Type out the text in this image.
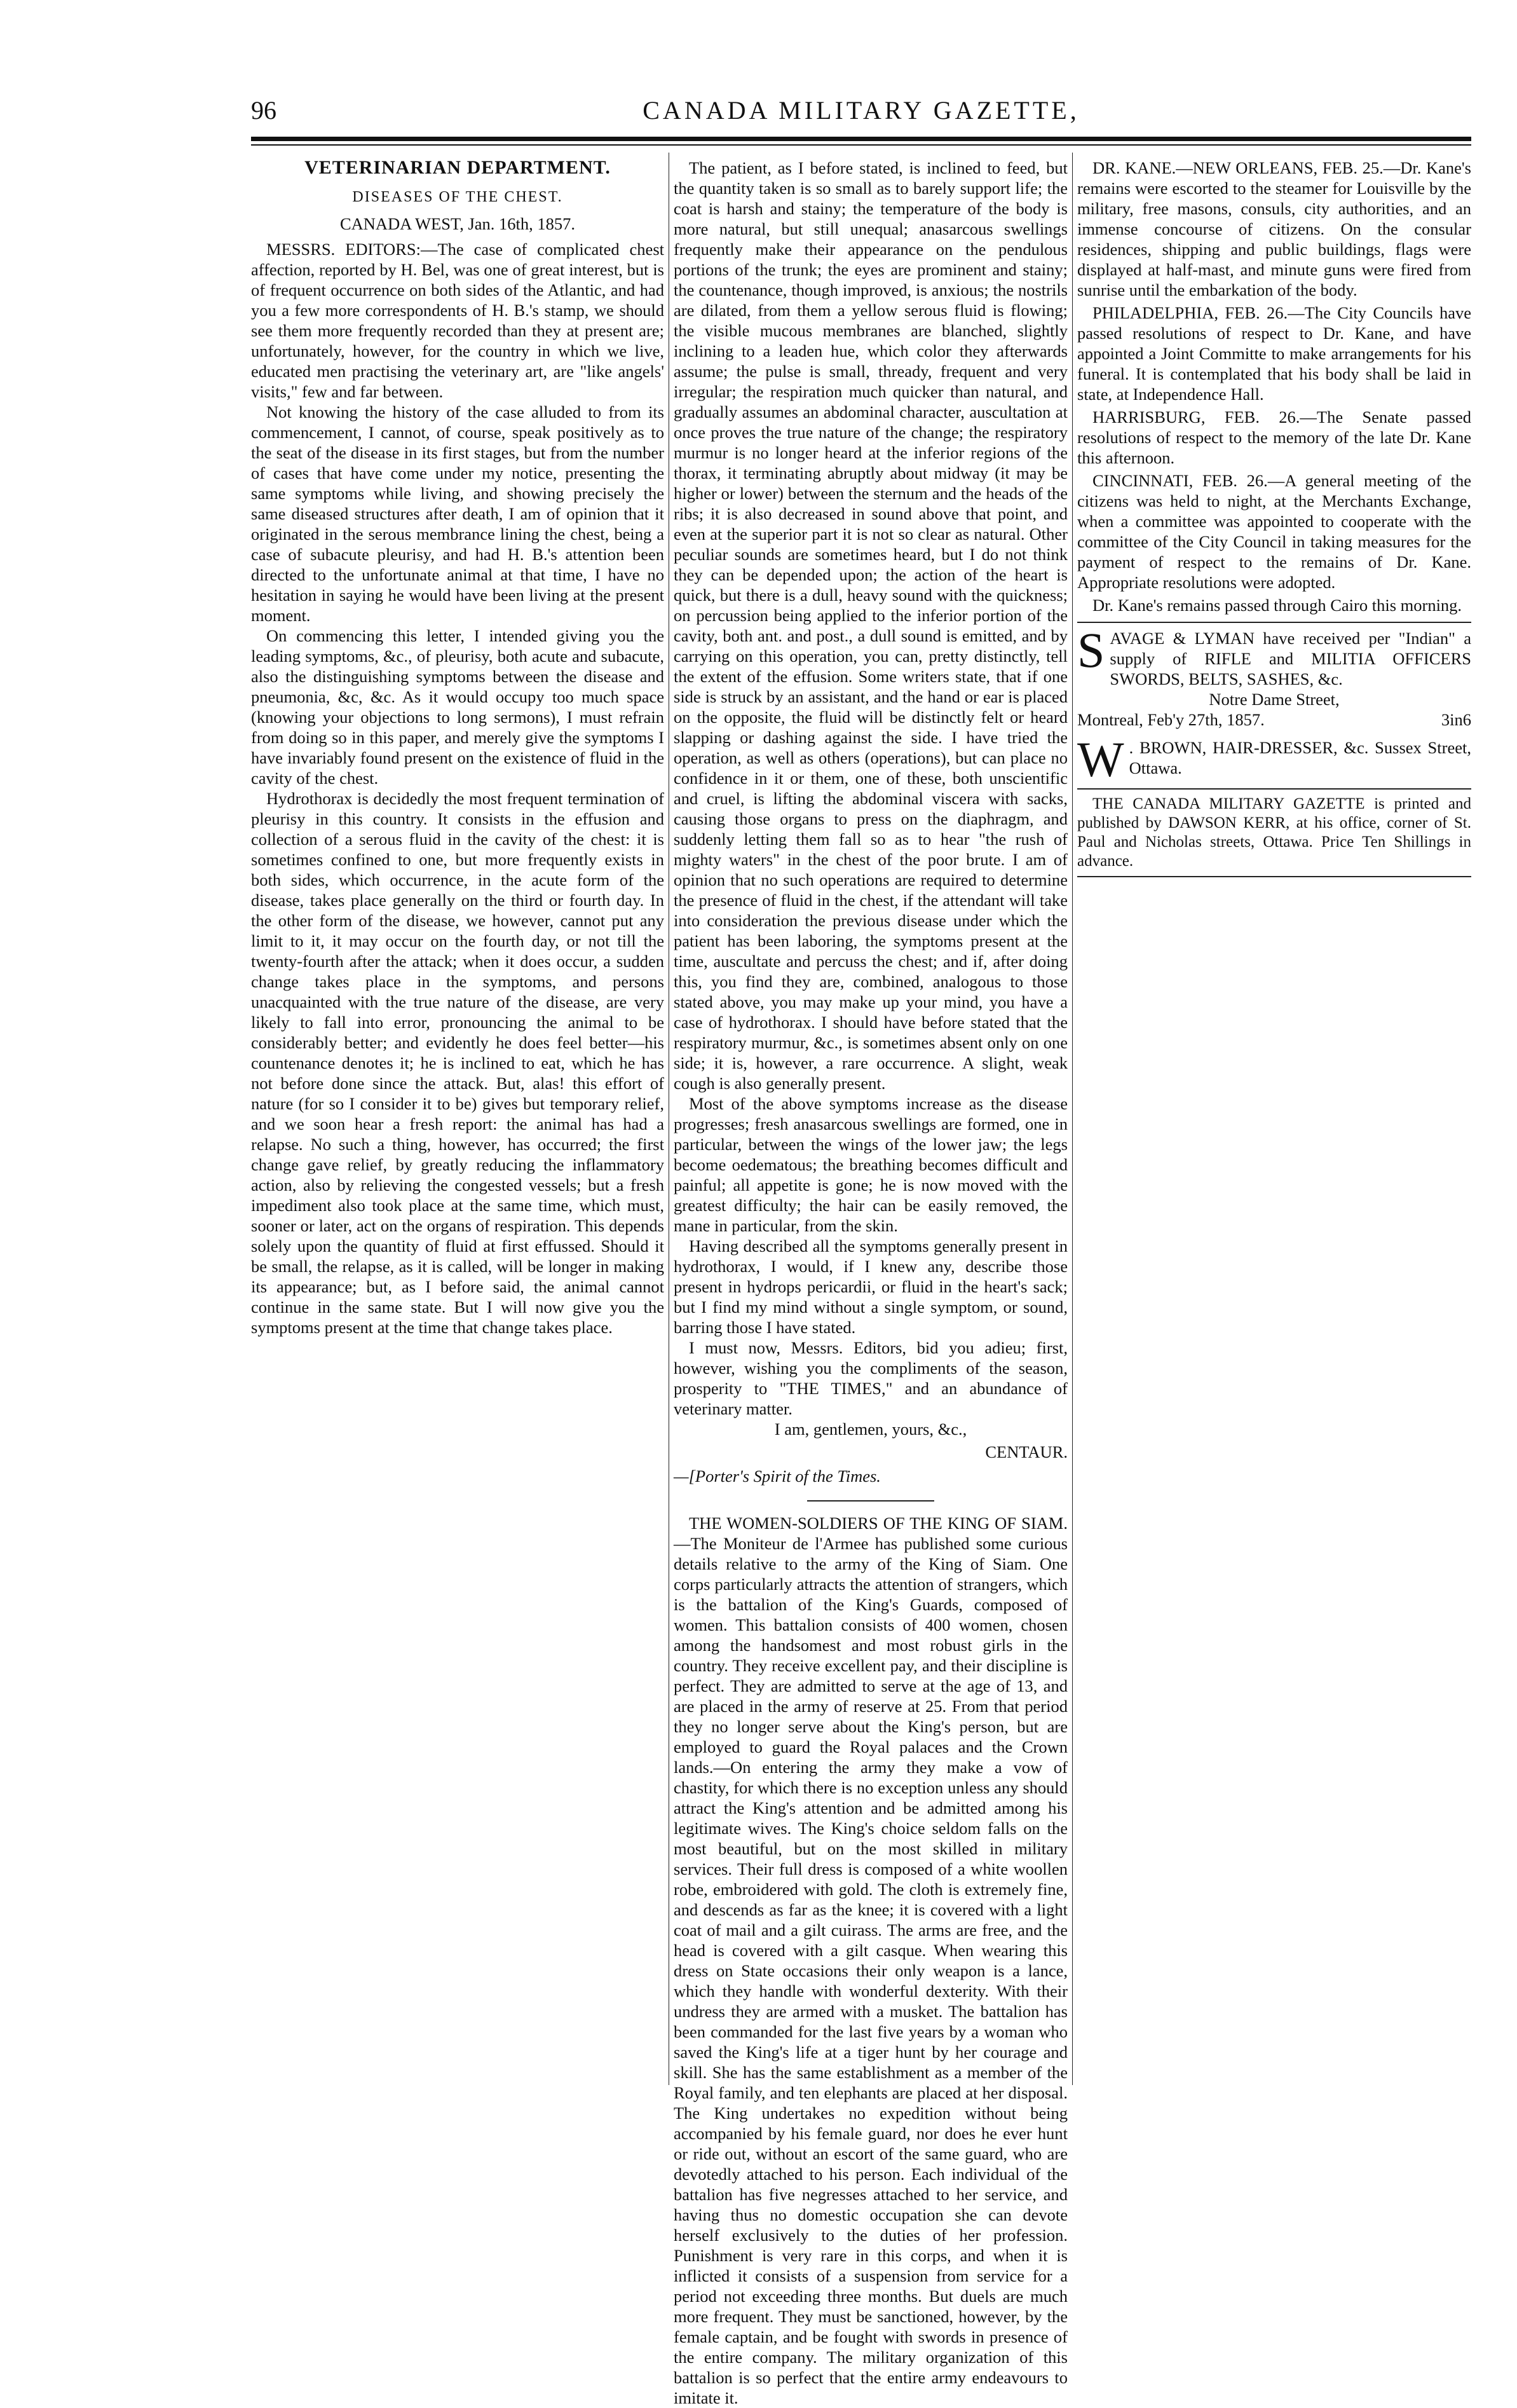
96	CANADA MILITARY GAZETTE,

VETERINARIAN DEPARTMENT.

DISEASES OF THE CHEST.

CANADA WEST, Jan. 16th, 1857.

MESSRS. EDITORS:—The case of complicated chest affection, reported by H. Bel, was one of great interest, but is of frequent occurrence on both sides of the Atlantic, and had you a few more correspondents of H. B.'s stamp, we should see them more frequently recorded than they at present are; unfortunately, however, for the country in which we live, educated men practising the veterinary art, are "like angels' visits," few and far between.

Not knowing the history of the case alluded to from its commencement, I cannot, of course, speak positively as to the seat of the disease in its first stages, but from the number of cases that have come under my notice, presenting the same symptoms while living, and showing precisely the same diseased structures after death, I am of opinion that it originated in the serous membrance lining the chest, being a case of subacute pleurisy, and had H. B.'s attention been directed to the unfortunate animal at that time, I have no hesitation in saying he would have been living at the present moment.

On commencing this letter, I intended giving you the leading symptoms, &c., of pleurisy, both acute and subacute, also the distinguishing symptoms between the disease and pneumonia, &c, &c. As it would occupy too much space (knowing your objections to long sermons), I must refrain from doing so in this paper, and merely give the symptoms I have invariably found present on the existence of fluid in the cavity of the chest.

Hydrothorax is decidedly the most frequent termination of pleurisy in this country. It consists in the effusion and collection of a serous fluid in the cavity of the chest: it is sometimes confined to one, but more frequently exists in both sides, which occurrence, in the acute form of the disease, takes place generally on the third or fourth day. In the other form of the disease, we however, cannot put any limit to it, it may occur on the fourth day, or not till the twenty-fourth after the attack; when it does occur, a sudden change takes place in the symptoms, and persons unacquainted with the true nature of the disease, are very likely to fall into error, pronouncing the animal to be considerably better; and evidently he does feel better—his countenance denotes it; he is inclined to eat, which he has not before done since the attack. But, alas! this effort of nature (for so I consider it to be) gives but temporary relief, and we soon hear a fresh report: the animal has had a relapse. No such a thing, however, has occurred; the first change gave relief, by greatly reducing the inflammatory action, also by relieving the congested vessels; but a fresh impediment also took place at the same time, which must, sooner or later, act on the organs of respiration. This depends solely upon the quantity of fluid at first effussed. Should it be small, the relapse, as it is called, will be longer in making its appearance; but, as I before said, the animal cannot continue in the same state. But I will now give you the symptoms present at the time that change takes place.

The patient, as I before stated, is inclined to feed, but the quantity taken is so small as to barely support life; the coat is harsh and stainy; the temperature of the body is more natural, but still unequal; anasarcous swellings frequently make their appearance on the pendulous portions of the trunk; the eyes are prominent and stainy; the countenance, though improved, is anxious; the nostrils are dilated, from them a yellow serous fluid is flowing; the visible mucous membranes are blanched, slightly inclining to a leaden hue, which color they afterwards assume; the pulse is small, thready, frequent and very irregular; the respiration much quicker than natural, and gradually assumes an abdominal character, auscultation at once proves the true nature of the change; the respiratory murmur is no longer heard at the inferior regions of the thorax, it terminating abruptly about midway (it may be higher or lower) between the sternum and the heads of the ribs; it is also decreased in sound above that point, and even at the superior part it is not so clear as natural. Other peculiar sounds are sometimes heard, but I do not think they can be depended upon; the action of the heart is quick, but there is a dull, heavy sound with the quickness; on percussion being applied to the inferior portion of the cavity, both ant. and post., a dull sound is emitted, and by carrying on this operation, you can, pretty distinctly, tell the extent of the effusion. Some writers state, that if one side is struck by an assistant, and the hand or ear is placed on the opposite, the fluid will be distinctly felt or heard slapping or dashing against the side. I have tried the operation, as well as others (operations), but can place no confidence in it or them, one of these, both unscientific and cruel, is lifting the abdominal viscera with sacks, causing those organs to press on the diaphragm, and suddenly letting them fall so as to hear "the rush of mighty waters" in the chest of the poor brute. I am of opinion that no such operations are required to determine the presence of fluid in the chest, if the attendant will take into consideration the previous disease under which the patient has been laboring, the symptoms present at the time, auscultate and percuss the chest; and if, after doing this, you find they are, combined, analogous to those stated above, you may make up your mind, you have a case of hydrothorax. I should have before stated that the respiratory murmur, &c., is sometimes absent only on one side; it is, however, a rare occurrence. A slight, weak cough is also generally present.

Most of the above symptoms increase as the disease progresses; fresh anasarcous swellings are formed, one in particular, between the wings of the lower jaw; the legs become oedematous; the breathing becomes difficult and painful; all appetite is gone; he is now moved with the greatest difficulty; the hair can be easily removed, the mane in particular, from the skin.

Having described all the symptoms generally present in hydrothorax, I would, if I knew any, describe those present in hydrops pericardii, or fluid in the heart's sack; but I find my mind without a single symptom, or sound, barring those I have stated.

I must now, Messrs. Editors, bid you adieu; first, however, wishing you the compliments of the season, prosperity to "THE TIMES," and an abundance of veterinary matter.

I am, gentlemen, yours, &c.,

CENTAUR.

—[Porter's Spirit of the Times.

THE WOMEN-SOLDIERS OF THE KING OF SIAM.—The Moniteur de l'Armee has published some curious details relative to the army of the King of Siam. One corps particularly attracts the attention of strangers, which is the battalion of the King's Guards, composed of women. This battalion consists of 400 women, chosen among the handsomest and most robust girls in the country. They receive excellent pay, and their discipline is perfect. They are admitted to serve at the age of 13, and are placed in the army of reserve at 25. From that period they no longer serve about the King's person, but are employed to guard the Royal palaces and the Crown lands.—On entering the army they make a vow of chastity, for which there is no exception unless any should attract the King's attention and be admitted among his legitimate wives. The King's choice seldom falls on the most beautiful, but on the most skilled in military services. Their full dress is composed of a white woollen robe, embroidered with gold. The cloth is extremely fine, and descends as far as the knee; it is covered with a light coat of mail and a gilt cuirass. The arms are free, and the head is covered with a gilt casque. When wearing this dress on State occasions their only weapon is a lance, which they handle with wonderful dexterity. With their undress they are armed with a musket. The battalion has been commanded for the last five years by a woman who saved the King's life at a tiger hunt by her courage and skill. She has the same establishment as a member of the Royal family, and ten elephants are placed at her disposal. The King undertakes no expedition without being accompanied by his female guard, nor does he ever hunt or ride out, without an escort of the same guard, who are devotedly attached to his person. Each individual of the battalion has five negresses attached to her service, and having thus no domestic occupation she can devote herself exclusively to the duties of her profession. Punishment is very rare in this corps, and when it is inflicted it consists of a suspension from service for a period not exceeding three months. But duels are much more frequent. They must be sanctioned, however, by the female captain, and be fought with swords in presence of the entire company. The military organization of this battalion is so perfect that the entire army endeavours to imitate it.

DR. KANE.—NEW ORLEANS, FEB. 25.—Dr. Kane's remains were escorted to the steamer for Louisville by the military, free masons, consuls, city authorities, and an immense concourse of citizens. On the consular residences, shipping and public buildings, flags were displayed at half-mast, and minute guns were fired from sunrise until the embarkation of the body.

PHILADELPHIA, FEB. 26.—The City Councils have passed resolutions of respect to Dr. Kane, and have appointed a Joint Committe to make arrangements for his funeral. It is contemplated that his body shall be laid in state, at Independence Hall.

HARRISBURG, FEB. 26.—The Senate passed resolutions of respect to the memory of the late Dr. Kane this afternoon.

CINCINNATI, FEB. 26.—A general meeting of the citizens was held to night, at the Merchants Exchange, when a committee was appointed to cooperate with the committee of the City Council in taking measures for the payment of respect to the remains of Dr. Kane. Appropriate resolutions were adopted.

Dr. Kane's remains passed through Cairo this morning.

S AVAGE & LYMAN have received per "Indian" a supply of RIFLE and MILITIA OFFICERS SWORDS, BELTS, SASHES, &c.

Notre Dame Street,

Montreal, Feb'y 27th, 1857.	3in6
W . BROWN, HAIR-DRESSER, &c. Sussex Street, Ottawa.

THE CANADA MILITARY GAZETTE is printed and published by DAWSON KERR, at his office, corner of St. Paul and Nicholas streets, Ottawa. Price Ten Shillings in advance.
